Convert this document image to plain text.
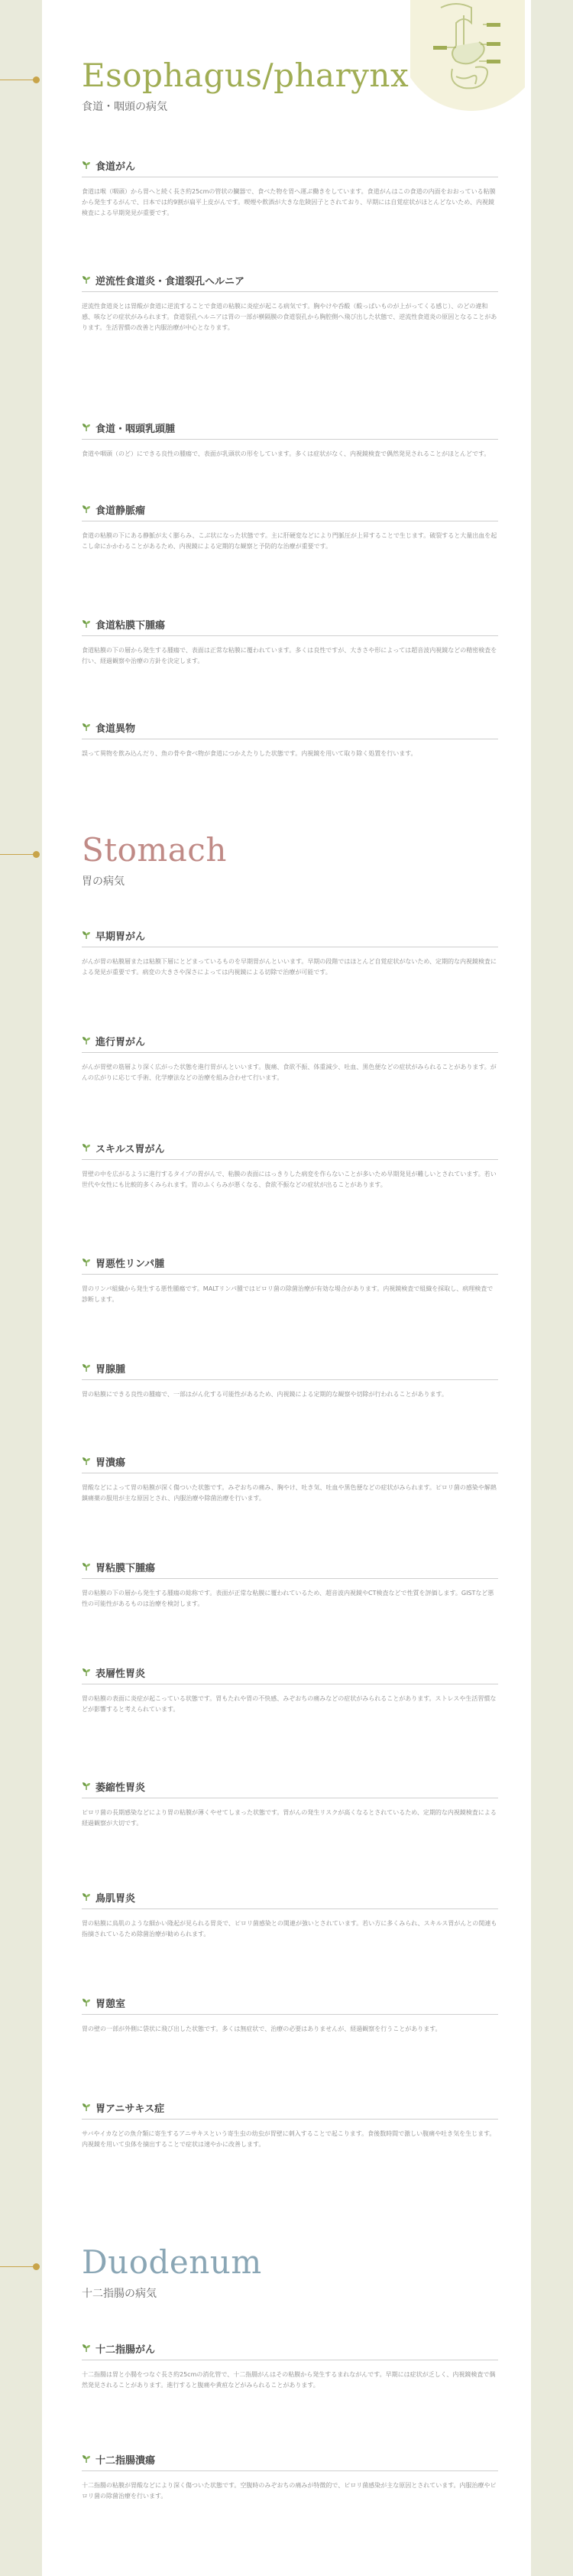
Esophagus/pharynx
食道・咽頭の病気
食道がん
食道は喉（咽頭）から胃へと続く長さ約25cmの管状の臓器で、食べた物を胃へ運ぶ働きをしています。食道がんはこの食道の内面をおおっている粘膜から発生するがんで、日本では約9割が扁平上皮がんです。喫煙や飲酒が大きな危険因子とされており、早期には自覚症状がほとんどないため、内視鏡検査による早期発見が重要です。
逆流性食道炎・食道裂孔ヘルニア
逆流性食道炎とは胃酸が食道に逆流することで食道の粘膜に炎症が起こる病気です。胸やけや呑酸（酸っぱいものが上がってくる感じ）、のどの違和感、咳などの症状がみられます。食道裂孔ヘルニアは胃の一部が横隔膜の食道裂孔から胸腔側へ飛び出した状態で、逆流性食道炎の原因となることがあります。生活習慣の改善と内服治療が中心となります。
食道・咽頭乳頭腫
食道や咽頭（のど）にできる良性の腫瘍で、表面が乳頭状の形をしています。多くは症状がなく、内視鏡検査で偶然発見されることがほとんどです。
食道静脈瘤
食道の粘膜の下にある静脈が太く膨らみ、こぶ状になった状態です。主に肝硬変などにより門脈圧が上昇することで生じます。破裂すると大量出血を起こし命にかかわることがあるため、内視鏡による定期的な観察と予防的な治療が重要です。
食道粘膜下腫瘍
食道粘膜の下の層から発生する腫瘍で、表面は正常な粘膜に覆われています。多くは良性ですが、大きさや形によっては超音波内視鏡などの精密検査を行い、経過観察や治療の方針を決定します。
食道異物
誤って異物を飲み込んだり、魚の骨や食べ物が食道につかえたりした状態です。内視鏡を用いて取り除く処置を行います。
Stomach
胃の病気
早期胃がん
がんが胃の粘膜層または粘膜下層にとどまっているものを早期胃がんといいます。早期の段階ではほとんど自覚症状がないため、定期的な内視鏡検査による発見が重要です。病変の大きさや深さによっては内視鏡による切除で治療が可能です。
進行胃がん
がんが胃壁の筋層より深く広がった状態を進行胃がんといいます。腹痛、食欲不振、体重減少、吐血、黒色便などの症状がみられることがあります。がんの広がりに応じて手術、化学療法などの治療を組み合わせて行います。
スキルス胃がん
胃壁の中を広がるように進行するタイプの胃がんで、粘膜の表面にはっきりした病変を作らないことが多いため早期発見が難しいとされています。若い世代や女性にも比較的多くみられます。胃のふくらみが悪くなる、食欲不振などの症状が出ることがあります。
胃悪性リンパ腫
胃のリンパ組織から発生する悪性腫瘍です。MALTリンパ腫ではピロリ菌の除菌治療が有効な場合があります。内視鏡検査で組織を採取し、病理検査で診断します。
胃腺腫
胃の粘膜にできる良性の腫瘍で、一部はがん化する可能性があるため、内視鏡による定期的な観察や切除が行われることがあります。
胃潰瘍
胃酸などによって胃の粘膜が深く傷ついた状態です。みぞおちの痛み、胸やけ、吐き気、吐血や黒色便などの症状がみられます。ピロリ菌の感染や解熱鎮痛薬の服用が主な原因とされ、内服治療や除菌治療を行います。
胃粘膜下腫瘍
胃の粘膜の下の層から発生する腫瘍の総称です。表面が正常な粘膜に覆われているため、超音波内視鏡やCT検査などで性質を評価します。GISTなど悪性の可能性があるものは治療を検討します。
表層性胃炎
胃の粘膜の表面に炎症が起こっている状態です。胃もたれや胃の不快感、みぞおちの痛みなどの症状がみられることがあります。ストレスや生活習慣などが影響すると考えられています。
萎縮性胃炎
ピロリ菌の長期感染などにより胃の粘膜が薄くやせてしまった状態です。胃がんの発生リスクが高くなるとされているため、定期的な内視鏡検査による経過観察が大切です。
鳥肌胃炎
胃の粘膜に鳥肌のような細かい隆起が見られる胃炎で、ピロリ菌感染との関連が強いとされています。若い方に多くみられ、スキルス胃がんとの関連も指摘されているため除菌治療が勧められます。
胃憩室
胃の壁の一部が外側に袋状に飛び出した状態です。多くは無症状で、治療の必要はありませんが、経過観察を行うことがあります。
胃アニサキス症
サバやイカなどの魚介類に寄生するアニサキスという寄生虫の幼虫が胃壁に刺入することで起こります。食後数時間で激しい腹痛や吐き気を生じます。内視鏡を用いて虫体を摘出することで症状は速やかに改善します。
Duodenum
十二指腸の病気
十二指腸がん
十二指腸は胃と小腸をつなぐ長さ約25cmの消化管で、十二指腸がんはその粘膜から発生するまれながんです。早期には症状が乏しく、内視鏡検査で偶然発見されることがあります。進行すると腹痛や黄疸などがみられることがあります。
十二指腸潰瘍
十二指腸の粘膜が胃酸などにより深く傷ついた状態です。空腹時のみぞおちの痛みが特徴的で、ピロリ菌感染が主な原因とされています。内服治療やピロリ菌の除菌治療を行います。
